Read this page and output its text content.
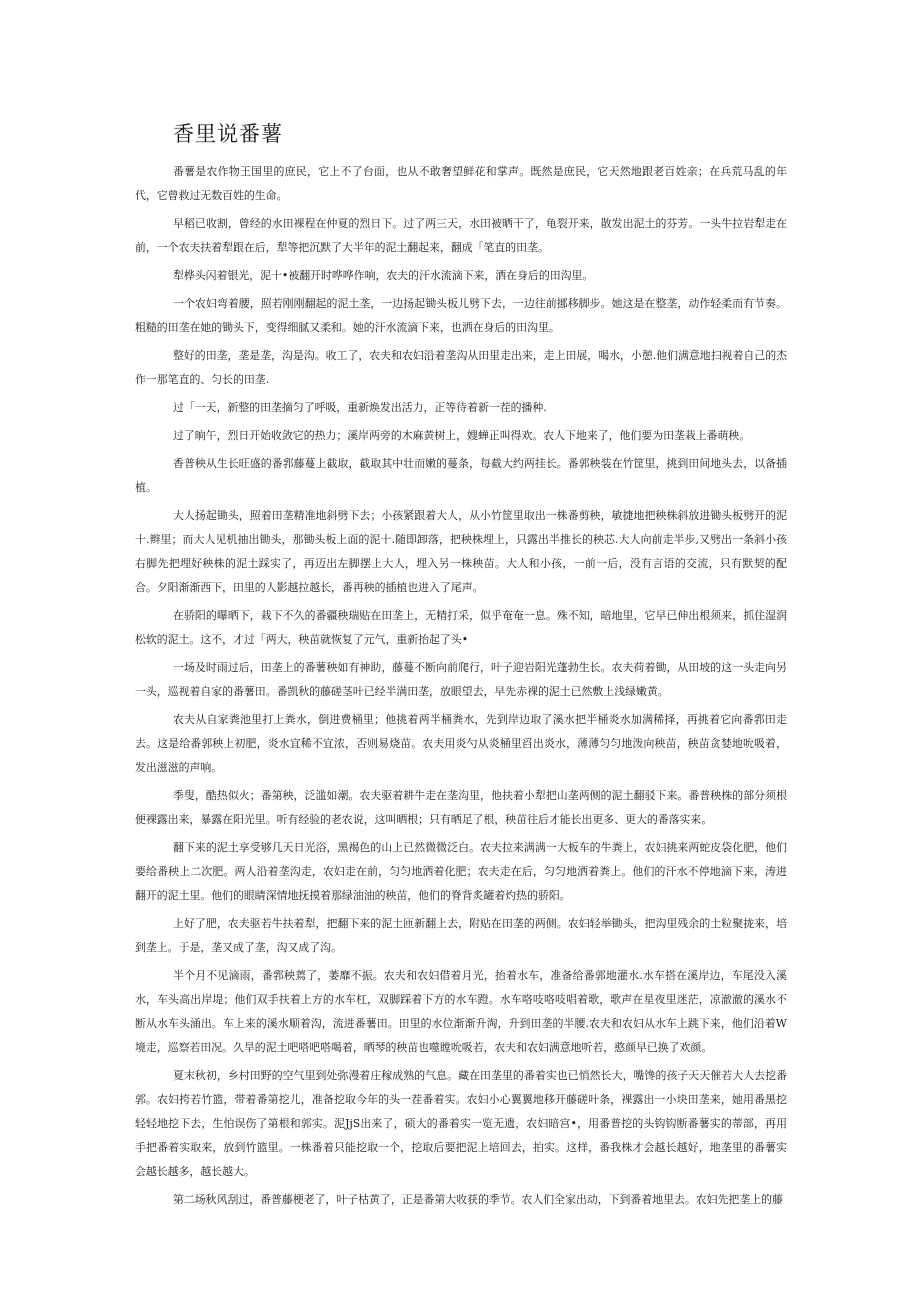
香里说番薯

番薯是农作物王国里的庶民，它上不了台面，也从不敢奢望鲜花和掌声。既然是庶民，它天然地跟老百姓亲；在兵荒马乱的年代，它曾救过无数百姓的生命。

早稻已收割，曾经的水田裸程在仲夏的烈日下。过了两三天，水田被晒干了，龟裂开来，散发出泥土的芬芳。一头牛拉岩犁走在前，一个农夫扶着犁跟在后，犁等把沉默了大半年的泥土翻起来，翻成「笔直的田垄。

犁桦头闪着银光，泥十•被翻开时哗哗作响，农夫的汗水流滴下来，洒在身后的田沟里。

一个农妇弯着腰，照若刚刚翻起的泥土垄，一边扬起锄头板儿劈下去，一边往前挪移脚步。她这是在整垄，动作轻柔而有节奏。粗糙的田垄在她的锄头下，变得细腻又柔和。她的汗水流滴下来，也洒在身后的田沟里。

整好的田垄，垄是垄，沟是沟。收工了，农夫和农妇沿着垄沟从田里走出来，走上田展，喝水，小憩.他们满意地扫视着自己的杰作一那笔直的、匀长的田垄.

过「一天，新整的田垄摘匀了呼吸，重新焕发出活力，正等待着新一茬的播种.

过了晌午，烈日开始收敛它的热力；溪岸两旁的木麻黄树上，嫂蝉正叫得欢。农人下地来了，他们要为田垄栽上番萌秧。

香普秧从生长旺盛的番郛藤蔓上截取，截取其中壮而嫩的蔓条，每截大约两挂长。番郭秧装在竹筐里，挑到田间地头去，以备插植。

大人扬起锄头，照着田垄精准地斜劈下去；小孩紧跟着大人，从小竹筐里取出一株番剪秧，敏捷地把秧株斜放进锄头板劈开的泥十.辫里；而大人见机抽出锄头，那锄头板上面的泥十.随即卸落，把秧株埋上，只露出半推长的秧芯.大人向前走半步,又劈出一条斜小孩右脚先把埋好秧株的泥土踩实了，再迈出左脚摆上大人，埋入另一株秧苗。大人和小孩，一前一后，没有言语的交流，只有默契的配合。夕阳渐渐西下，田里的人影越拉越长，番再秧的插植也进入了尾声。

在骄阳的曝晒下，栽下不久的番疆秧瑞贴在田垄上，无精打采，似乎奄奄一息。殊不知，暗地里，它早已伸出根须来，抓住湿润松软的泥土。这不，才过「两大，秧苗就恢复了元气，重新抬起了头•

一场及时雨过后，田垄上的番薯秧如有神助，藤蔓不断向前爬行，叶子迎岩阳光蓬勃生长。农夫荷着锄，从田坡的这一头走向另一头，巡视着自家的番薯田。番凯秋的藤磋茎叶已经半满田垄，放眼望去，早先赤裸的泥土已然敷上浅绿嫩黄。

农夫从自家粪池里打上粪水，倒进费桶里；他挑着两半桶粪水，先到岸边取了溪水把半桶炎水加满稀择，再挑着它向番郛田走去。这是给番郭秧上初肥，炎水宜稀不宜浓，否则易烧苗。农夫用炎勺从炎桶里舀出炎水，薄薄匀匀地泼向秧苗，秧苗贪婪地吮吸着，发出滋滋的声响。

季叟，酷热似火；番第秧，泛滥如潮。农夫驱着耕牛走在垄沟里，他扶着小犁把山垄两侧的泥土翻驳下来。番普秧株的部分须根便裸露出来，暴露在阳光里。听有经验的老农说，这叫晒根；只有晒足了根，秧苗往后才能长出更多、更大的番落实来。

翻下来的泥土享受够几天日光浴，黑褐色的山上已然微微泛白。农夫拉来满满一大板车的牛粪上，农妇挑来两蛇皮袋化肥，他们要给番秧上二次肥。两人沿着垄沟走，农妇走在前，匀匀地洒着化肥；农夫走在后，匀匀地洒着粪上。他们的汗水不停地滴下来，涛进翻开的泥土里。他们的眼睛深情地抚摸着那绿油油的秧苗，他们的脊背炙罐着灼热的骄阳。

上好了肥，农夫驱若牛扶着犁，把翻下来的泥土匝新翻上去，附贴在田垄的两侧。农妇轻举锄头，把沟里残余的土粒聚拢来，培到垄上。于是，垄又成了垄，沟又成了沟。

半个月不见滴雨，番郛秧蔫了，萎靡不振。农夫和农妇借着月光，抬着水车，准备给番郭地灌水.水车搭在溪岸边，车尾没入溪水，车头高出岸堤；他们双手扶着上方的水车杠，双脚踩着下方的水车蹬。水车咯吱咯吱唱着歌，歌声在星夜里迷茫，凉澈澈的溪水不断从水车头涌出。车上来的溪水顺着沟，流进番薯田。田里的水位渐渐升淘，升到田垄的半腰.农夫和农妇从水车上跳下来，他们沿着W境走，巡察若田况。久旱的泥土吧嗒吧嗒喝着，晒琴的秧苗也噬瞠吮吸若，农夫和农妇满意地听若，憨颜早已换了欢颜。

夏末秋初，乡村田野的空气里到处弥漫着庄稼成熟的气息。藏在田垄里的番着实也已悄然长大，嘴馋的孩子天天催若大人去挖番郭。农妇挎若竹篮，带着番第挖儿，准备挖取今年的头一茬番着实。农妇小心翼翼地移开藤磋叶条，裸露出一小块田垄来，她用番黑挖轻轻地挖下去，生怕误伤了第根和郭实。泥JjS出来了，硕大的番着实一览无遗，农妇暗宫•，用番普挖的头钩钩断番薯实的蒂部，再用手把番着实取来，放到竹篮里。一株番着只能挖取一个，挖取后要把泥上培回去，拍实。这样，番我株才会越长越好，地垄里的番薯实会越长越多，越长越大。

第二场秋风刮过，番普藤梗老了，叶子枯黄了，正是番第大收获的季节。农人们全家出动，下到番着地里去。农妇先把垄上的藤
